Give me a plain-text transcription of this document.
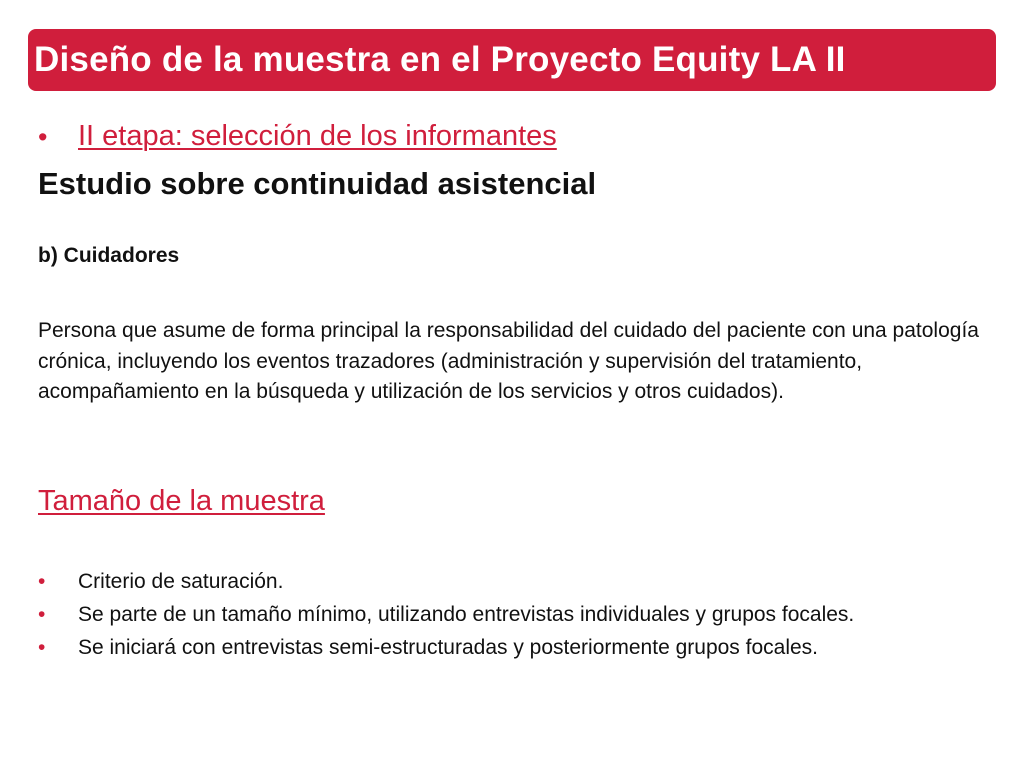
Diseño de la muestra en el Proyecto Equity LA II
• II etapa: selección de los informantes
Estudio sobre continuidad asistencial
b) Cuidadores
Persona que asume de forma principal la responsabilidad del cuidado del paciente con una patología crónica, incluyendo los eventos trazadores (administración y supervisión del tratamiento, acompañamiento en la búsqueda y utilización de los servicios y otros cuidados).
Tamaño de la muestra
• Criterio de saturación.
• Se parte de un tamaño mínimo, utilizando entrevistas individuales y grupos focales.
• Se iniciará con entrevistas semi-estructuradas y posteriormente grupos focales.
